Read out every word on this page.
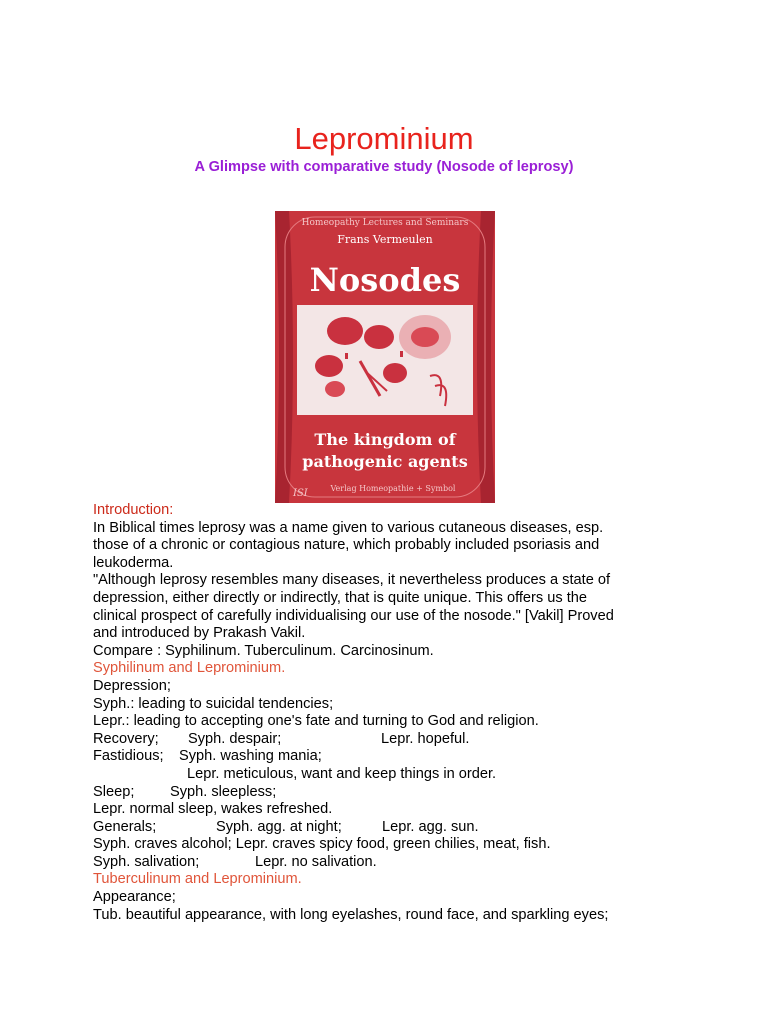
Leprominium
A Glimpse with comparative study (Nosode of leprosy)
Homeopathy Lectures and Seminars
Frans Vermeulen
Nosodes
The kingdom of
pathogenic agents
ISI	Verlag Homeopathie + Symbol
Introduction:
In Biblical times leprosy was a name given to various cutaneous diseases, esp.
those of a chronic or contagious nature, which probably included psoriasis and
leukoderma.
"Although leprosy resembles many diseases, it nevertheless produces a state of
depression, either directly or indirectly, that is quite unique. This offers us the
clinical prospect of carefully individualising our use of the nosode." [Vakil] Proved
and introduced by Prakash Vakil.
Compare : Syphilinum. Tuberculinum. Carcinosinum.
Syphilinum and Leprominium.
Depression;
Syph.: leading to suicidal tendencies;
Lepr.: leading to accepting one's fate and turning to God and religion.
Recovery; Syph. despair;	Lepr. hopeful.
Fastidious; Syph. washing mania;
Lepr. meticulous, want and keep things in order.
Sleep; Syph. sleepless;
Lepr. normal sleep, wakes refreshed.
Generals;	Syph. agg. at night;	Lepr. agg. sun.
Syph. craves alcohol; Lepr. craves spicy food, green chilies, meat, fish.
Syph. salivation;	Lepr. no salivation.
Tuberculinum and Leprominium.
Appearance;
Tub. beautiful appearance, with long eyelashes, round face, and sparkling eyes;
